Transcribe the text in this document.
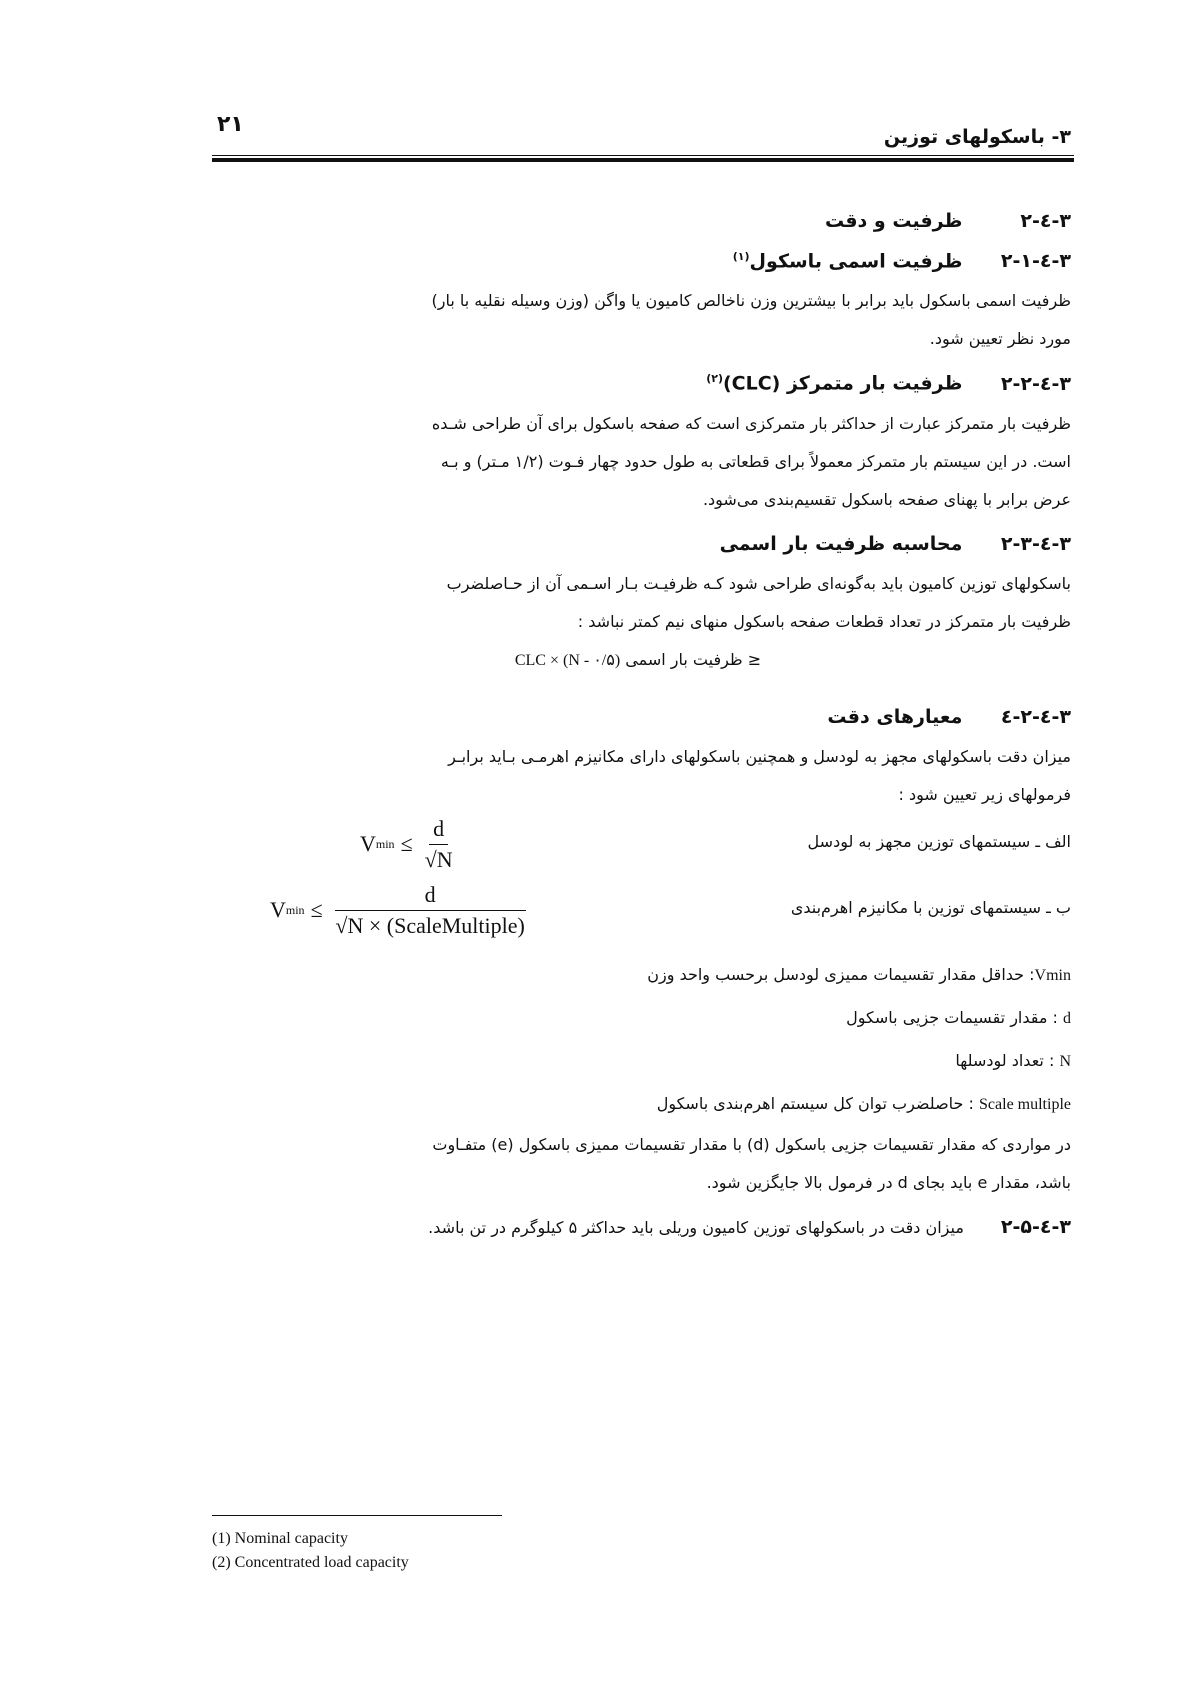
۳- باسکولهای توزین
۲۱
۳-٤-۲ ظرفیت و دقت
۳-٤-۲-۱ ظرفیت اسمی باسکول$^{(۱)}$

ظرفیت اسمی باسکول باید برابر با بیشترین وزن ناخالص کامیون یا واگن (وزن وسیله نقلیه با بار)

مورد نظر تعیین شود.

۳-٤-۲-۲ ظرفیت بار متمرکز (CLC)$^{(۲)}$

ظرفیت بار متمرکز عبارت از حداکثر بار متمرکزی است که صفحه باسکول برای آن طراحی شـده

است. در این سیستم بار متمرکز معمولاً برای قطعاتی به طول حدود چهار فـوت (۱/۲ مـتر) و بـه

عرض برابر با پهنای صفحه باسکول تقسیم‌بندی می‌شود.

۳-٤-۲-۳ محاسبه ظرفیت بار اسمی

باسکولهای توزین کامیون باید به‌گونه‌ای طراحی شود کـه ظرفیـت بـار اسـمی آن از حـاصلضرب

ظرفیت بار متمرکز در تعداد قطعات صفحه باسکول منهای نیم کمتر نباشد :

≤ ظرفیت بار اسمی CLC × (N - ۰/۵)
۳-٤-۲-٤ معیارهای دقت

میزان دقت باسکولهای مجهز به لودسل و همچنین باسکولهای دارای مکانیزم اهرمـی بـاید برابـر

فرمولهای زیر تعیین شود :

الف ـ سیستمهای توزین مجهز به لودسل
V $\min \le \frac{d}{√N}$
ب ـ سیستمهای توزین با مکانیزم اهرم‌بندی
V $\min \le \frac{d}{\text{√N × (ScaleMultiple)}}$

Vmin: حداقل مقدار تقسیمات ممیزی لودسل برحسب واحد وزن

d : مقدار تقسیمات جزیی باسکول

N : تعداد لودسلها

Scale multiple : حاصلضرب توان کل سیستم اهرم‌بندی باسکول

در مواردی که مقدار تقسیمات جزیی باسکول (d) با مقدار تقسیمات ممیزی باسکول (e) متفـاوت

باشد، مقدار e باید بجای d در فرمول بالا جایگزین شود.

۳-٤-۲-۵ میزان دقت در باسکولهای توزین کامیون وریلی باید حداکثر ۵ کیلوگرم در تن باشد.
(1) Nominal capacity
(2) Concentrated load capacity
